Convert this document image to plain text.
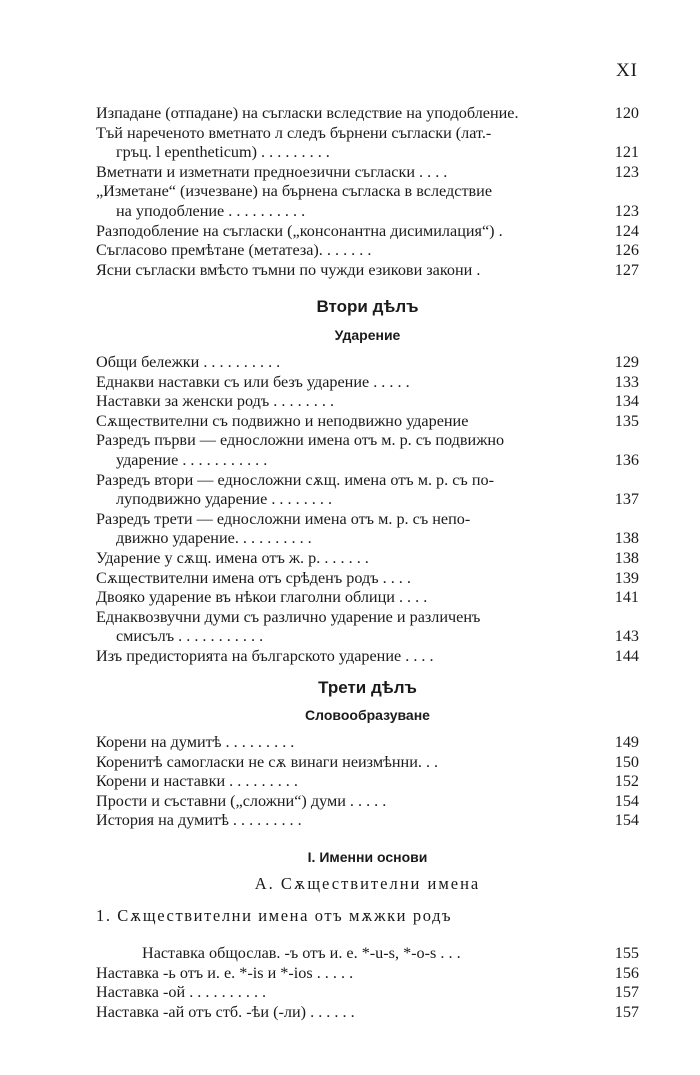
XI
Изпадане (отпадане) на съгласки вследствие на уподобление.	120
Тъй нареченото вметнато л следъ бърнени съгласки (лат.-
гръц. l epentheticum) . . . . . . . . .	121
Вметнати и изметнати предноезични съгласки . . . .	123
„Изметане“ (изчезване) на бърнена съгласка в вследствие
на уподобление . . . . . . . . . .	123
Разподобление на съгласки („консонантна дисимилация“) .	124
Съгласово премѣтане (метатеза). . . . . . .	126
Ясни съгласки вмѣсто тъмни по чужди езикови закони .	127
Втори дѣлъ
Ударение
Общи бележки . . . . . . . . . .	129
Еднакви наставки съ или безъ ударение . . . . .	133
Наставки за женски родъ . . . . . . . .	134
Сѫществителни съ подвижно и неподвижно ударение	135
Разредъ първи — едносложни имена отъ м. р. съ подвижно
ударение . . . . . . . . . . .	136
Разредъ втори — едносложни сѫщ. имена отъ м. р. съ по-
луподвижно ударение . . . . . . . .	137
Разредъ трети — едносложни имена отъ м. р. съ непо-
движно ударение. . . . . . . . . .	138
Ударение у сѫщ. имена отъ ж. р. . . . . . .	138
Сѫществителни имена отъ срѣденъ родъ . . . .	139
Двояко ударение въ нѣкои глаголни облици . . . .	141
Еднаквозвучни думи съ различно ударение и различенъ
смисълъ . . . . . . . . . . .	143
Изъ предисторията на българското ударение . . . .	144
Трети дѣлъ
Словообразуване
Корени на думитѣ . . . . . . . . .	149
Коренитѣ самогласки не сѫ винаги неизмѣнни. . .	150
Корени и наставки . . . . . . . . .	152
Прости и съставни („сложни“) думи . . . . .	154
История на думитѣ . . . . . . . . .	154
I. Именни основи
А. Сѫществителни имена
1. Сѫществителни имена отъ мѫжки родъ
Наставка общослав. -ъ отъ и. е. *-u-s, *-o-s . . .	155
Наставка -ь отъ и. е. *-is и *-ios . . . . .	156
Наставка -ой . . . . . . . . . .	157
Наставка -ай отъ стб. -ѣи (-ли) . . . . . .	157
